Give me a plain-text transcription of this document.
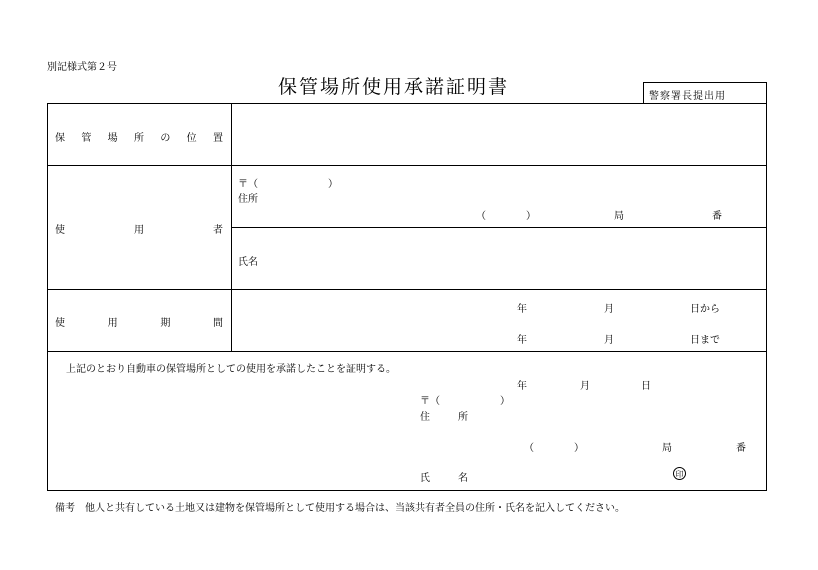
別記様式第２号
保管場所使用承諾証明書	警察署長提出用
保 管 場 所 の 位 置
使	用	者
〒（　　　　　　　）
住所
（　　　　）	局	番
氏名
使	用	期	間
年	月	日から
年	月	日まで
上記のとおり自動車の保管場所としての使用を承諾したことを証明する。
年	月	日
〒（　　　　　　）
住	所
（　　　　）	局	番
氏	名	印
備考　他人と共有している土地又は建物を保管場所として使用する場合は、当該共有者全員の住所・氏名を記入してください。
